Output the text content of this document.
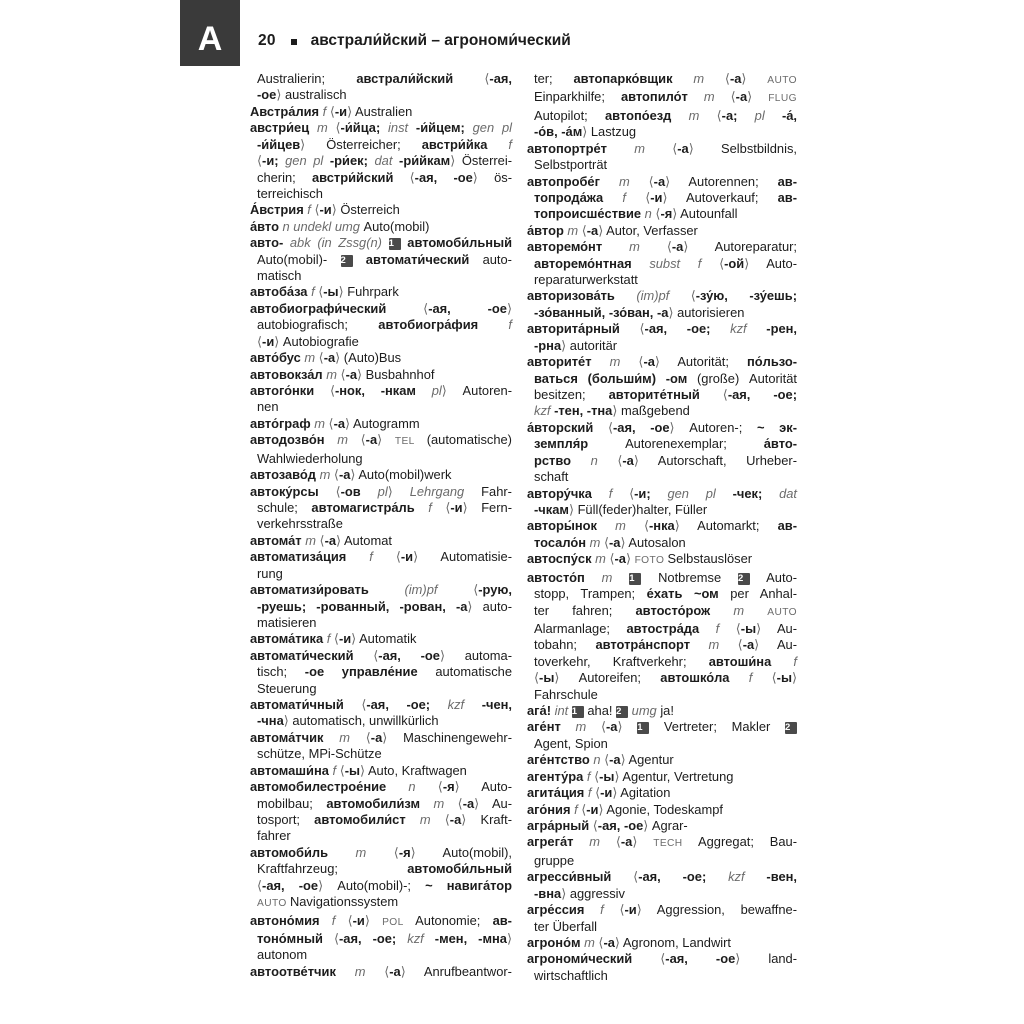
A 20 австрали́йский – агрономи́ческий
Australierin; австрали́йский ⟨-ая,
-ое⟩ australisch
Австра́лия f ⟨-и⟩ Australien
австри́ец m ⟨-и́йца; inst -и́йцем; gen pl
-и́йцев⟩ Österreicher; австри́йка f
⟨-и; gen pl -ри́ек; dat -ри́йкам⟩ Österrei-
cherin; австри́йский ⟨-ая, -ое⟩ ös-
terreichisch
А́встрия f ⟨-и⟩ Österreich
а́вто n undekl umg Auto(mobil)
авто- abk (in Zssg(n) 1 автомоби́льный
Auto(mobil)- 2 автомати́ческий auto-
matisch
автоба́за f ⟨-ы⟩ Fuhrpark
автобиографи́ческий ⟨-ая, -ое⟩
autobiografisch; автобиогра́фия f
⟨-и⟩ Autobiografie
авто́бус m ⟨-а⟩ (Auto)Bus
автовокза́л m ⟨-а⟩ Busbahnhof
автого́нки ⟨-нок, -нкам pl⟩ Autoren-
nen
авто́граф m ⟨-а⟩ Autogramm
автодозво́н m ⟨-а⟩ TEL (automatische)
Wahlwiederholung
автозаво́д m ⟨-а⟩ Auto(mobil)werk
автоку́рсы ⟨-ов pl⟩ Lehrgang Fahr-
schule; автомагистра́ль f ⟨-и⟩ Fern-
verkehrsstraße
автома́т m ⟨-а⟩ Automat
автоматиза́ция f ⟨-и⟩ Automatisie-
rung
автоматизи́ровать (im)pf ⟨-рую,
-руешь; -рованный, -рован, -а⟩ auto-
matisieren
автома́тика f ⟨-и⟩ Automatik
автомати́ческий ⟨-ая, -ое⟩ automa-
tisch; -ое управле́ние automatische
Steuerung
автомати́чный ⟨-ая, -ое; kzf -чен,
-чна⟩ automatisch, unwillkürlich
автома́тчик m ⟨-а⟩ Maschinengewehr-
schütze, MPi-Schütze
автомаши́на f ⟨-ы⟩ Auto, Kraftwagen
автомобилестрое́ние n ⟨-я⟩ Auto-
mobilbau; автомобили́зм m ⟨-а⟩ Au-
tosport; автомобили́ст m ⟨-а⟩ Kraft-
fahrer
автомоби́ль m ⟨-я⟩ Auto(mobil),
Kraftfahrzeug; автомоби́льный
⟨-ая, -ое⟩ Auto(mobil)-; ~ навига́тор
AUTO Navigationssystem
автоно́мия f ⟨-и⟩ POL Autonomie; ав-
тоно́мный ⟨-ая, -ое; kzf -мен, -мна⟩
autonom
автоотве́тчик m ⟨-а⟩ Anrufbeantwor-
ter; автопарко́вщик m ⟨-а⟩ AUTO
Einparkhilfe; автопило́т m ⟨-а⟩ FLUG
Autopilot; автопо́езд m ⟨-а; pl -а́,
-о́в, -а́м⟩ Lastzug
автопортре́т m ⟨-а⟩ Selbstbildnis,
Selbstporträt
автопробе́г m ⟨-а⟩ Autorennen; ав-
топрода́жа f ⟨-и⟩ Autoverkauf; ав-
топроисше́ствие n ⟨-я⟩ Autounfall
а́втор m ⟨-а⟩ Autor, Verfasser
авторемо́нт m ⟨-а⟩ Autoreparatur;
авторемо́нтная subst f ⟨-ой⟩ Auto-
reparaturwerkstatt
авторизова́ть (im)pf ⟨-зу́ю, -зу́ешь;
-зо́ванный, -зо́ван, -а⟩ autorisieren
авторита́рный ⟨-ая, -ое; kzf -рен,
-рна⟩ autoritär
авторите́т m ⟨-а⟩ Autorität; по́льзо-
ваться (больши́м) -ом (große) Autorität
besitzen; авторите́тный ⟨-ая, -ое;
kzf -тен, -тна⟩ maßgebend
а́вторский ⟨-ая, -ое⟩ Autoren-; ~ эк-
земпля́р Autorenexemplar; а́вто-
рство n ⟨-а⟩ Autorschaft, Urheber-
schaft
автору́чка f ⟨-и; gen pl -чек; dat
-чкам⟩ Füll(feder)halter, Füller
авторы́нок m ⟨-нка⟩ Automarkt; ав-
тосало́н m ⟨-а⟩ Autosalon
автоспу́ск m ⟨-а⟩ FOTO Selbstauslöser
автосто́п m 1 Notbremse 2 Auto-
stopp, Trampen; е́хать ~ом per Anhal-
ter fahren; автосто́рож m AUTO
Alarmanlage; автостра́да f ⟨-ы⟩ Au-
tobahn; автотра́нспорт m ⟨-а⟩ Au-
toverkehr, Kraftverkehr; автоши́на f
⟨-ы⟩ Autoreifen; автошко́ла f ⟨-ы⟩
Fahrschule
ага́! int 1 aha! 2 umg ja!
аге́нт m ⟨-а⟩ 1 Vertreter; Makler 2
Agent, Spion
аге́нтство n ⟨-а⟩ Agentur
агенту́ра f ⟨-ы⟩ Agentur, Vertretung
агита́ция f ⟨-и⟩ Agitation
аго́ния f ⟨-и⟩ Agonie, Todeskampf
агра́рный ⟨-ая, -ое⟩ Agrar-
агрега́т m ⟨-а⟩ TECH Aggregat; Bau-
gruppe
агресси́вный ⟨-ая, -ое; kzf -вен,
-вна⟩ aggressiv
агре́ссия f ⟨-и⟩ Aggression, bewaffne-
ter Überfall
агроно́м m ⟨-а⟩ Agronom, Landwirt
агрономи́ческий ⟨-ая, -ое⟩ land-
wirtschaftlich
